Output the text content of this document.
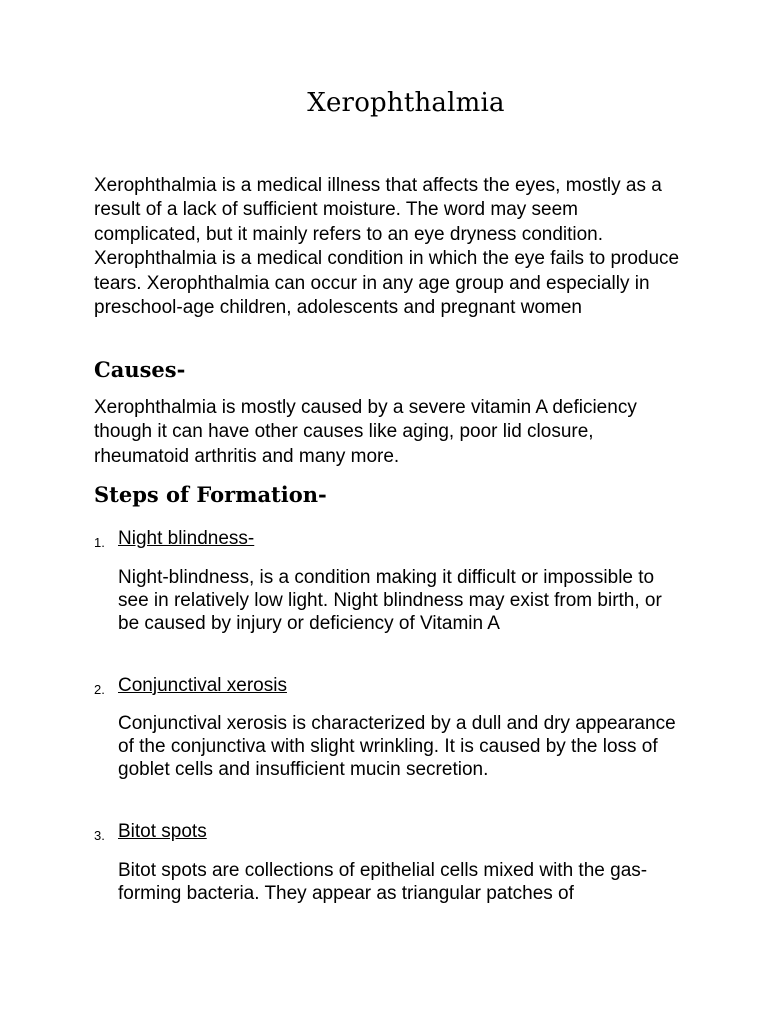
Xerophthalmia

Xerophthalmia is a medical illness that affects the eyes, mostly as a result of a lack of sufficient moisture. The word may seem complicated, but it mainly refers to an eye dryness condition. Xerophthalmia is a medical condition in which the eye fails to produce tears. Xerophthalmia can occur in any age group and especially in preschool-age children, adolescents and pregnant women

Causes-

Xerophthalmia is mostly caused by a severe vitamin A deficiency though it can have other causes like aging, poor lid closure, rheumatoid arthritis and many more.

Steps of Formation-
1. Night blindness-

Night-blindness, is a condition making it difficult or impossible to see in relatively low light. Night blindness may exist from birth, or be caused by injury or deficiency of Vitamin A

2. Conjunctival xerosis

Conjunctival xerosis is characterized by a dull and dry appearance of the conjunctiva with slight wrinkling. It is caused by the loss of goblet cells and insufficient mucin secretion.

3. Bitot spots

Bitot spots are collections of epithelial cells mixed with the gas-forming bacteria. They appear as triangular patches of
